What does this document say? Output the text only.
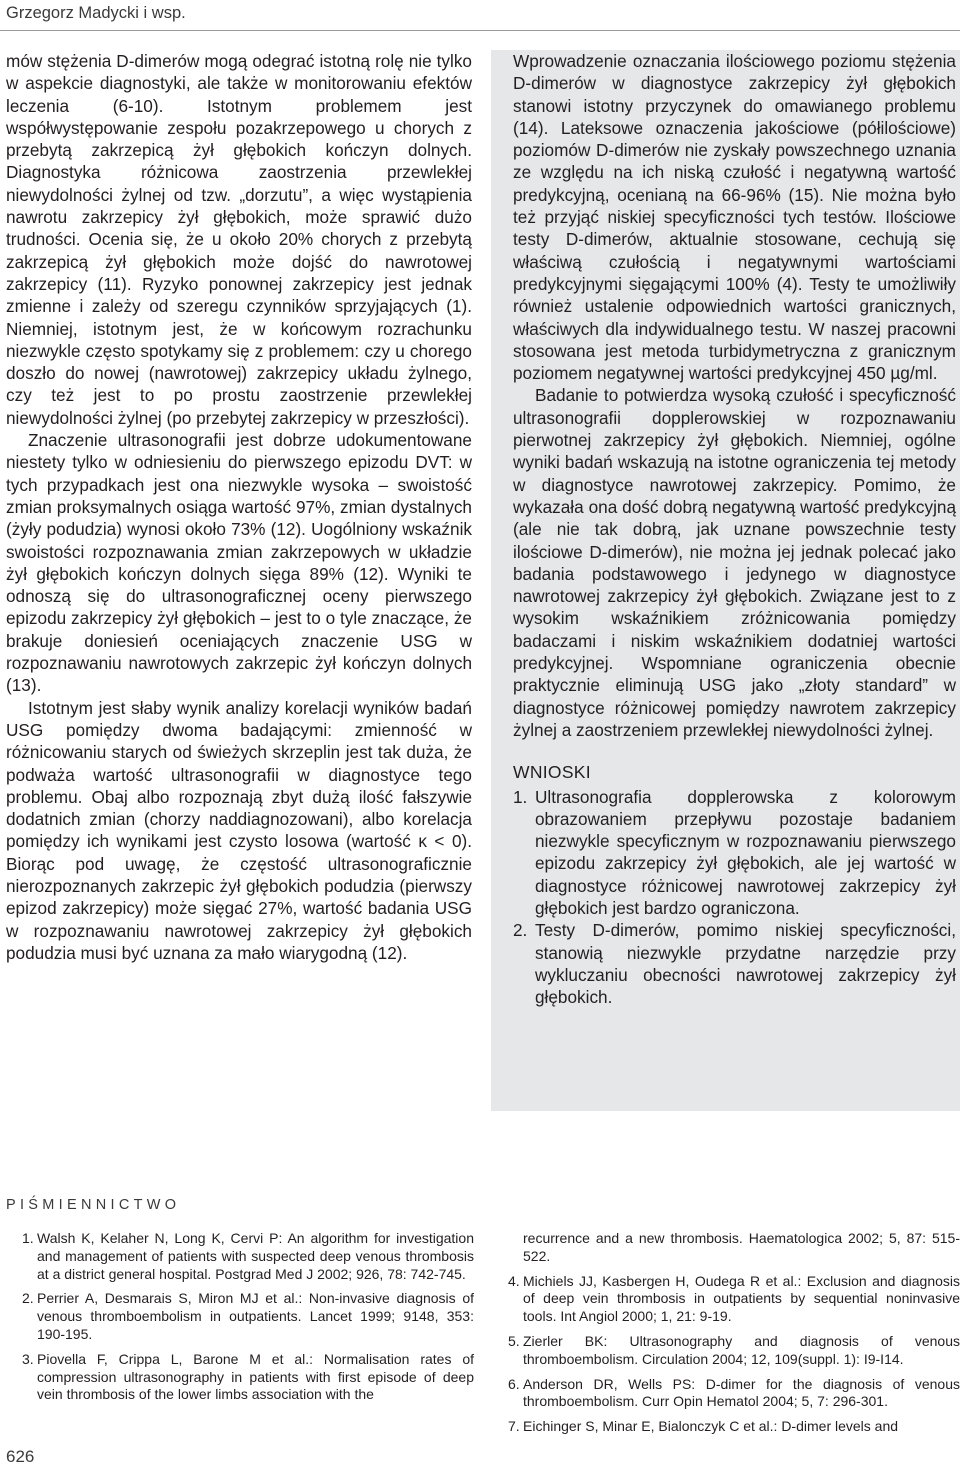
Grzegorz Madycki i wsp.

mów stężenia D-dimerów mogą odegrać istotną rolę nie tylko w aspekcie diagnostyki, ale także w monitorowaniu efektów leczenia (6-10). Istotnym problemem jest współwystępowanie zespołu pozakrzepowego u chorych z przebytą zakrzepicą żył głębokich kończyn dolnych. Diagnostyka różnicowa zaostrzenia przewlekłej niewydolności żylnej od tzw. „dorzutu”, a więc wystąpienia nawrotu zakrzepicy żył głębokich, może sprawić dużo trudności. Ocenia się, że u około 20% chorych z przebytą zakrzepicą żył głębokich może dojść do nawrotowej zakrzepicy (11). Ryzyko ponownej zakrzepicy jest jednak zmienne i zależy od szeregu czynników sprzyjających (1). Niemniej, istotnym jest, że w końcowym rozrachunku niezwykle często spotykamy się z problemem: czy u chorego doszło do nowej (nawrotowej) zakrzepicy układu żylnego, czy też jest to po prostu zaostrzenie przewlekłej niewydolności żylnej (po przebytej zakrzepicy w przeszłości).

Znaczenie ultrasonografii jest dobrze udokumentowane niestety tylko w odniesieniu do pierwszego epizodu DVT: w tych przypadkach jest ona niezwykle wysoka – swoistość zmian proksymalnych osiąga wartość 97%, zmian dystalnych (żyły podudzia) wynosi około 73% (12). Uogólniony wskaźnik swoistości rozpoznawania zmian zakrzepowych w układzie żył głębokich kończyn dolnych sięga 89% (12). Wyniki te odnoszą się do ultrasonograficznej oceny pierwszego epizodu zakrzepicy żył głębokich – jest to o tyle znaczące, że brakuje doniesień oceniających znaczenie USG w rozpoznawaniu nawrotowych zakrzepic żył kończyn dolnych (13).

Istotnym jest słaby wynik analizy korelacji wyników badań USG pomiędzy dwoma badającymi: zmienność w różnicowaniu starych od świeżych skrzeplin jest tak duża, że podważa wartość ultrasonografii w diagnostyce tego problemu. Obaj albo rozpoznają zbyt dużą ilość fałszywie dodatnich zmian (chorzy naddiagnozowani), albo korelacja pomiędzy ich wynikami jest czysto losowa (wartość κ < 0). Biorąc pod uwagę, że częstość ultrasonograficznie nierozpoznanych zakrzepic żył głębokich podudzia (pierwszy epizod zakrzepicy) może sięgać 27%, wartość badania USG w rozpoznawaniu nawrotowej zakrzepicy żył głębokich podudzia musi być uznana za mało wiarygodną (12).

Wprowadzenie oznaczania ilościowego poziomu stężenia D-dimerów w diagnostyce zakrzepicy żył głębokich stanowi istotny przyczynek do omawianego problemu (14). Lateksowe oznaczenia jakościowe (półilościowe) poziomów D-dimerów nie zyskały powszechnego uznania ze względu na ich niską czułość i negatywną wartość predykcyjną, ocenianą na 66-96% (15). Nie można było też przyjąć niskiej specyficzności tych testów. Ilościowe testy D-dimerów, aktualnie stosowane, cechują się właściwą czułością i negatywnymi wartościami predykcyjnymi sięgającymi 100% (4). Testy te umożliwiły również ustalenie odpowiednich wartości granicznych, właściwych dla indywidualnego testu. W naszej pracowni stosowana jest metoda turbidymetryczna z granicznym poziomem negatywnej wartości predykcyjnej 450 µg/ml.

Badanie to potwierdza wysoką czułość i specyficzność ultrasonografii dopplerowskiej w rozpoznawaniu pierwotnej zakrzepicy żył głębokich. Niemniej, ogólne wyniki badań wskazują na istotne ograniczenia tej metody w diagnostyce nawrotowej zakrzepicy. Pomimo, że wykazała ona dość dobrą negatywną wartość predykcyjną (ale nie tak dobrą, jak uznane powszechnie testy ilościowe D-dimerów), nie można jej jednak polecać jako badania podstawowego i jedynego w diagnostyce nawrotowej zakrzepicy żył głębokich. Związane jest to z wysokim wskaźnikiem zróżnicowania pomiędzy badaczami i niskim wskaźnikiem dodatniej wartości predykcyjnej. Wspomniane ograniczenia obecnie praktycznie eliminują USG jako „złoty standard” w diagnostyce różnicowej pomiędzy nawrotem zakrzepicy żylnej a zaostrzeniem przewlekłej niewydolności żylnej.

WNIOSKI
1. Ultrasonografia dopplerowska z kolorowym obrazowaniem przepływu pozostaje badaniem niezwykle specyficznym w rozpoznawaniu pierwszego epizodu zakrzepicy żył głębokich, ale jej wartość w diagnostyce różnicowej nawrotowej zakrzepicy żył głębokich jest bardzo ograniczona.
2. Testy D-dimerów, pomimo niskiej specyficzności, stanowią niezwykle przydatne narzędzie przy wykluczaniu obecności nawrotowej zakrzepicy żył głębokich.
PIŚMIENNICTWO
1. Walsh K, Kelaher N, Long K, Cervi P: An algorithm for investigation and management of patients with suspected deep venous thrombosis at a district general hospital. Postgrad Med J 2002; 926, 78: 742-745.
2. Perrier A, Desmarais S, Miron MJ et al.: Non-invasive diagnosis of venous thromboembolism in outpatients. Lancet 1999; 9148, 353: 190-195.
3. Piovella F, Crippa L, Barone M et al.: Normalisation rates of compression ultrasonography in patients with first episode of deep vein thrombosis of the lower limbs association with the
recurrence and a new thrombosis. Haematologica 2002; 5, 87: 515-522.
4. Michiels JJ, Kasbergen H, Oudega R et al.: Exclusion and diagnosis of deep vein thrombosis in outpatients by sequential noninvasive tools. Int Angiol 2000; 1, 21: 9-19.
5. Zierler BK: Ultrasonography and diagnosis of venous thromboembolism. Circulation 2004; 12, 109(suppl. 1): I9-I14.
6. Anderson DR, Wells PS: D-dimer for the diagnosis of venous thromboembolism. Curr Opin Hematol 2004; 5, 7: 296-301.
7. Eichinger S, Minar E, Bialonczyk C et al.: D-dimer levels and
626
